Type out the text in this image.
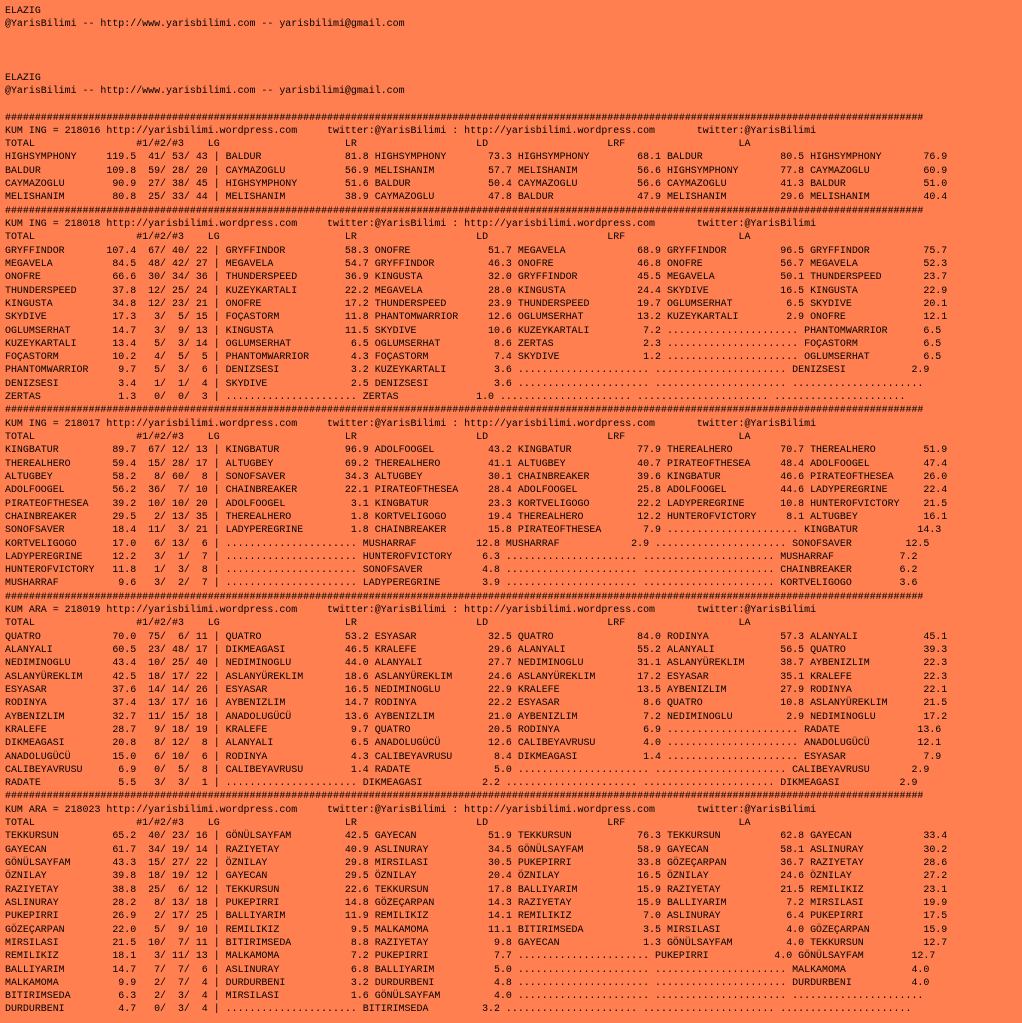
ELAZIG
@YarisBilimi -- http://www.yarisbilimi.com -- yarisbilimi@gmail.com

ELAZIG
@YarisBilimi -- http://www.yarisbilimi.com -- yarisbilimi@gmail.com

##########################################################################################################################################################
KUM ING = 218016 http://yarisbilimi.wordpress.com     twitter:@YarisBilimi : http://yarisbilimi.wordpress.com       twitter:@YarisBilimi
TOTAL                 #1/#2/#3    LG                     LR                    LD                    LRF                   LA
HIGHSYMPHONY     119.5  41/ 53/ 43 | BALDUR              81.8 HIGHSYMPHONY       73.3 HIGHSYMPHONY        68.1 BALDUR             80.5 HIGHSYMPHONY       76.9
BALDUR           109.8  59/ 28/ 20 | CAYMAZOGLU          56.9 MELISHANIM         57.7 MELISHANIM          56.6 HIGHSYMPHONY       77.8 CAYMAZOGLU         60.9
CAYMAZOGLU        90.9  27/ 38/ 45 | HIGHSYMPHONY        51.6 BALDUR             50.4 CAYMAZOGLU          56.6 CAYMAZOGLU         41.3 BALDUR             51.0
MELISHANIM        80.8  25/ 33/ 44 | MELISHANIM          38.9 CAYMAZOGLU         47.8 BALDUR              47.9 MELISHANIM         29.6 MELISHANIM         40.4
##########################################################################################################################################################
KUM ING = 218018 http://yarisbilimi.wordpress.com     twitter:@YarisBilimi : http://yarisbilimi.wordpress.com       twitter:@YarisBilimi
TOTAL                 #1/#2/#3    LG                     LR                    LD                    LRF                   LA
GRYFFINDOR       107.4  67/ 40/ 22 | GRYFFINDOR          58.3 ONOFRE             51.7 MEGAVELA            68.9 GRYFFINDOR         96.5 GRYFFINDOR         75.7
MEGAVELA          84.5  48/ 42/ 27 | MEGAVELA            54.7 GRYFFINDOR         46.3 ONOFRE              46.8 ONOFRE             56.7 MEGAVELA           52.3
ONOFRE            66.6  30/ 34/ 36 | THUNDERSPEED        36.9 KINGUSTA           32.0 GRYFFINDOR          45.5 MEGAVELA           50.1 THUNDERSPEED       23.7
THUNDERSPEED      37.8  12/ 25/ 24 | KUZEYKARTALI        22.2 MEGAVELA           28.0 KINGUSTA            24.4 SKYDIVE            16.5 KINGUSTA           22.9
KINGUSTA          34.8  12/ 23/ 21 | ONOFRE              17.2 THUNDERSPEED       23.9 THUNDERSPEED        19.7 OGLUMSERHAT         6.5 SKYDIVE            20.1
SKYDIVE           17.3   3/  5/ 15 | FOÇASTORM           11.8 PHANTOMWARRIOR     12.6 OGLUMSERHAT         13.2 KUZEYKARTALI        2.9 ONOFRE             12.1
OGLUMSERHAT       14.7   3/  9/ 13 | KINGUSTA            11.5 SKYDIVE            10.6 KUZEYKARTALI         7.2 ...................... PHANTOMWARRIOR      6.5
KUZEYKARTALI      13.4   5/  3/ 14 | OGLUMSERHAT          6.5 OGLUMSERHAT         8.6 ZERTAS               2.3 ...................... FOÇASTORM           6.5
FOÇASTORM         10.2   4/  5/  5 | PHANTOMWARRIOR       4.3 FOÇASTORM           7.4 SKYDIVE              1.2 ...................... OGLUMSERHAT         6.5
PHANTOMWARRIOR     9.7   5/  3/  6 | DENIZSESI            3.2 KUZEYKARTALI        3.6 ...................... ...................... DENIZSESI           2.9
DENIZSESI          3.4   1/  1/  4 | SKYDIVE              2.5 DENIZSESI           3.6 ...................... ...................... ......................
ZERTAS             1.3   0/  0/  3 | ...................... ZERTAS             1.0 ...................... ...................... ......................
##########################################################################################################################################################
KUM ING = 218017 http://yarisbilimi.wordpress.com     twitter:@YarisBilimi : http://yarisbilimi.wordpress.com       twitter:@YarisBilimi
TOTAL                 #1/#2/#3    LG                     LR                    LD                    LRF                   LA
KINGBATUR         89.7  67/ 12/ 13 | KINGBATUR           96.9 ADOLFOOGEL         43.2 KINGBATUR           77.9 THEREALHERO        70.7 THEREALHERO        51.9
THEREALHERO       59.4  15/ 28/ 17 | ALTUGBEY            69.2 THEREALHERO        41.1 ALTUGBEY            40.7 PIRATEOFTHESEA     48.4 ADOLFOOGEL         47.4
ALTUGBEY          58.2   8/ 60/  8 | SONOFSAVER          34.3 ALTUGBEY           30.1 CHAINBREAKER        39.6 KINGBATUR          46.6 PIRATEOFTHESEA     26.0
ADOLFOOGEL        56.2  36/  7/ 10 | CHAINBREAKER        22.1 PIRATEOFTHESEA     28.4 ADOLFOOGEL          25.8 ADOLFOOGEL         44.6 LADYPEREGRINE      22.4
PIRATEOFTHESEA    39.2  10/ 10/ 20 | ADOLFOOGEL           3.1 KINGBATUR          23.3 KORTVELIGOGO        22.2 LADYPEREGRINE      10.8 HUNTEROFVICTORY    21.5
CHAINBREAKER      29.5   2/ 13/ 35 | THEREALHERO          1.8 KORTVELIGOGO       19.4 THEREALHERO         12.2 HUNTEROFVICTORY     8.1 ALTUGBEY           16.1
SONOFSAVER        18.4  11/  3/ 21 | LADYPEREGRINE        1.8 CHAINBREAKER       15.8 PIRATEOFTHESEA       7.9 ...................... KINGBATUR          14.3
KORTVELIGOGO      17.0   6/ 13/  6 | ...................... MUSHARRAF          12.8 MUSHARRAF            2.9 ...................... SONOFSAVER         12.5
LADYPEREGRINE     12.2   3/  1/  7 | ...................... HUNTEROFVICTORY     6.3 ...................... ...................... MUSHARRAF           7.2
HUNTEROFVICTORY   11.8   1/  3/  8 | ...................... SONOFSAVER          4.8 ...................... ...................... CHAINBREAKER        6.2
MUSHARRAF          9.6   3/  2/  7 | ...................... LADYPEREGRINE       3.9 ...................... ...................... KORTVELIGOGO        3.6
##########################################################################################################################################################
KUM ARA = 218019 http://yarisbilimi.wordpress.com     twitter:@YarisBilimi : http://yarisbilimi.wordpress.com       twitter:@YarisBilimi
TOTAL                 #1/#2/#3    LG                     LR                    LD                    LRF                   LA
QUATRO            70.0  75/  6/ 11 | QUATRO              53.2 ESYASAR            32.5 QUATRO              84.0 RODINYA            57.3 ALANYALI           45.1
ALANYALI          60.5  23/ 48/ 17 | DIKMEAGASI          46.5 KRALEFE            29.6 ALANYALI            55.2 ALANYALI           56.5 QUATRO             39.3
NEDIMINOGLU       43.4  10/ 25/ 40 | NEDIMINOGLU         44.0 ALANYALI           27.7 NEDIMINOGLU         31.1 ASLANYÜREKLIM      38.7 AYBENIZLIM         22.3
ASLANYÜREKLIM     42.5  18/ 17/ 22 | ASLANYÜREKLIM       18.6 ASLANYÜREKLIM      24.6 ASLANYÜREKLIM       17.2 ESYASAR            35.1 KRALEFE            22.3
ESYASAR           37.6  14/ 14/ 26 | ESYASAR             16.5 NEDIMINOGLU        22.9 KRALEFE             13.5 AYBENIZLIM         27.9 RODINYA            22.1
RODINYA           37.4  13/ 17/ 16 | AYBENIZLIM          14.7 RODINYA            22.2 ESYASAR              8.6 QUATRO             10.8 ASLANYÜREKLIM      21.5
AYBENIZLIM        32.7  11/ 15/ 18 | ANADOLUGÜCÜ         13.6 AYBENIZLIM         21.0 AYBENIZLIM           7.2 NEDIMINOGLU         2.9 NEDIMINOGLU        17.2
KRALEFE           28.7   9/ 18/ 19 | KRALEFE              9.7 QUATRO             20.5 RODINYA              6.9 ...................... RADATE             13.6
DIKMEAGASI        20.8   8/ 12/  8 | ALANYALI             6.5 ANADOLUGÜCÜ        12.6 CALIBEYAVRUSU        4.0 ...................... ANADOLUGÜCÜ        12.1
ANADOLUGÜCÜ       15.0   6/ 10/  6 | RODINYA              4.3 CALIBEYAVRUSU       8.4 DIKMEAGASI           1.4 ...................... ESYASAR             7.9
CALIBEYAVRUSU      6.9   0/  5/  8 | CALIBEYAVRUSU        1.4 RADATE              5.0 ...................... ...................... CALIBEYAVRUSU       2.9
RADATE             5.5   3/  3/  1 | ...................... DIKMEAGASI          2.2 ...................... ...................... DIKMEAGASI          2.9
##########################################################################################################################################################
KUM ARA = 218023 http://yarisbilimi.wordpress.com     twitter:@YarisBilimi : http://yarisbilimi.wordpress.com       twitter:@YarisBilimi
TOTAL                 #1/#2/#3    LG                     LR                    LD                    LRF                   LA
TEKKURSUN         65.2  40/ 23/ 16 | GÖNÜLSAYFAM         42.5 GAYECAN            51.9 TEKKURSUN           76.3 TEKKURSUN          62.8 GAYECAN            33.4
GAYECAN           61.7  34/ 19/ 14 | RAZIYETAY           40.9 ASLINURAY          34.5 GÖNÜLSAYFAM         58.9 GAYECAN            58.1 ASLINURAY          30.2
GÖNÜLSAYFAM       43.3  15/ 27/ 22 | ÖZNILAY             29.8 MIRSILASI          30.5 PUKEPIRRI           33.8 GÖZEÇARPAN         36.7 RAZIYETAY          28.6
ÖZNILAY           39.8  18/ 19/ 12 | GAYECAN             29.5 ÖZNILAY            20.4 ÖZNILAY             16.5 ÖZNILAY            24.6 ÖZNILAY            27.2
RAZIYETAY         38.8  25/  6/ 12 | TEKKURSUN           22.6 TEKKURSUN          17.8 BALLIYARIM          15.9 RAZIYETAY          21.5 REMILIKIZ          23.1
ASLINURAY         28.2   8/ 13/ 18 | PUKEPIRRI           14.8 GÖZEÇARPAN         14.3 RAZIYETAY           15.9 BALLIYARIM          7.2 MIRSILASI          19.9
PUKEPIRRI         26.9   2/ 17/ 25 | BALLIYARIM          11.9 REMILIKIZ          14.1 REMILIKIZ            7.0 ASLINURAY           6.4 PUKEPIRRI          17.5
GÖZEÇARPAN        22.0   5/  9/ 10 | REMILIKIZ            9.5 MALKAMOMA          11.1 BITIRIMSEDA          3.5 MIRSILASI           4.0 GÖZEÇARPAN         15.9
MIRSILASI         21.5  10/  7/ 11 | BITIRIMSEDA          8.8 RAZIYETAY           9.8 GAYECAN              1.3 GÖNÜLSAYFAM         4.0 TEKKURSUN          12.7
REMILIKIZ         18.1   3/ 11/ 13 | MALKAMOMA            7.2 PUKEPIRRI           7.7 ...................... PUKEPIRRI           4.0 GÖNÜLSAYFAM        12.7
BALLIYARIM        14.7   7/  7/  6 | ASLINURAY            6.8 BALLIYARIM          5.0 ...................... ...................... MALKAMOMA           4.0
MALKAMOMA          9.9   2/  7/  4 | DURDURBENI           3.2 DURDURBENI          4.8 ...................... ...................... DURDURBENI          4.0
BITIRIMSEDA        6.3   2/  3/  4 | MIRSILASI            1.6 GÖNÜLSAYFAM         4.0 ...................... ...................... ......................
DURDURBENI         4.7   0/  3/  4 | ...................... BITIRIMSEDA         3.2 ...................... ...................... ......................
